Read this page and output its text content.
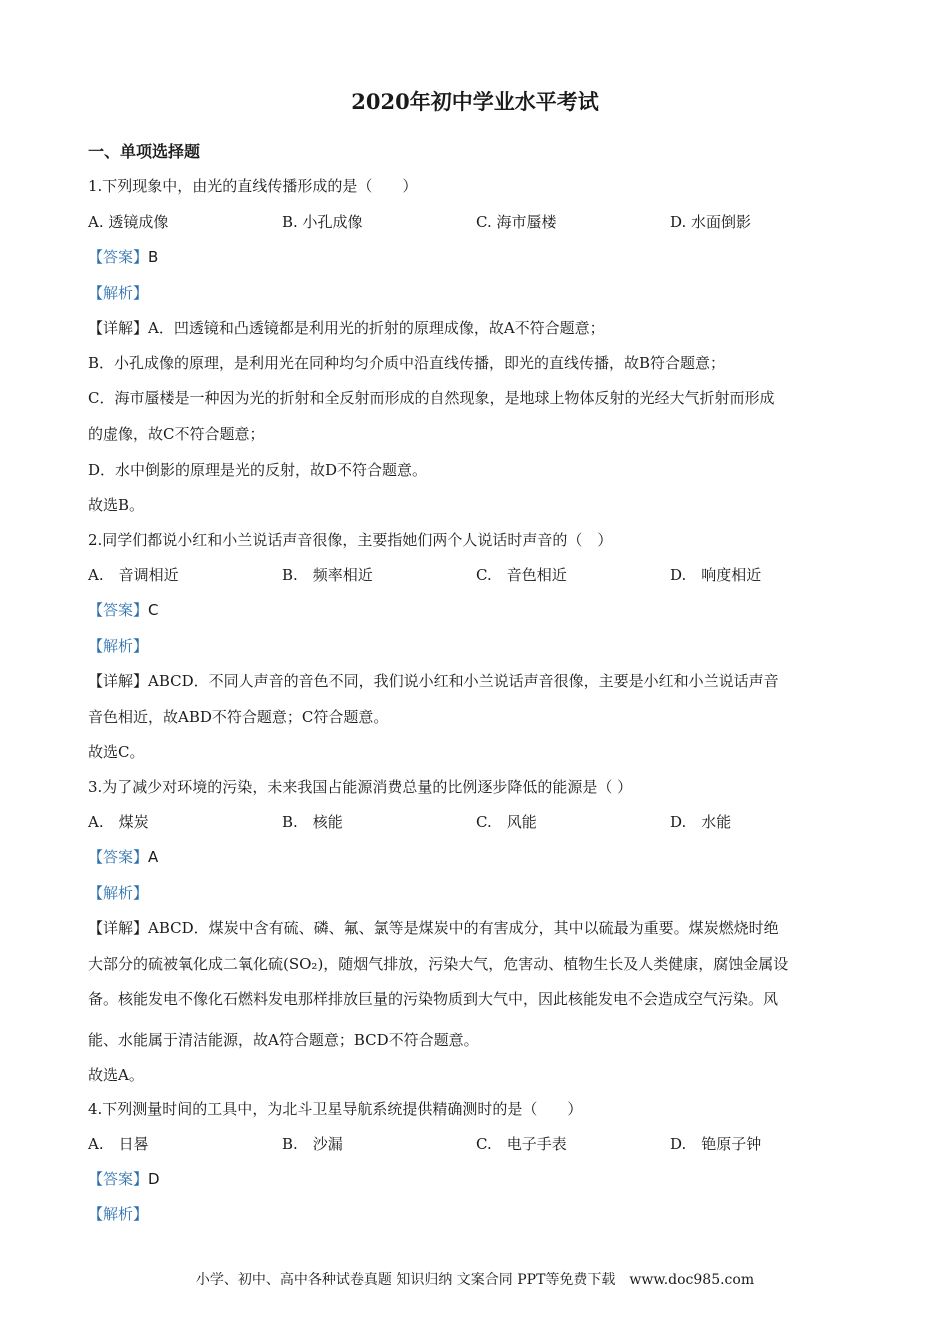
2020年初中学业水平考试
一、单项选择题
1.下列现象中，由光的直线传播形成的是（　　）
A. 透镜成像	B. 小孔成像	C. 海市蜃楼	D. 水面倒影
【答案】B
【解析】
【详解】A．凹透镜和凸透镜都是利用光的折射的原理成像，故A不符合题意；
B．小孔成像的原理，是利用光在同种均匀介质中沿直线传播，即光的直线传播，故B符合题意；
C．海市蜃楼是一种因为光的折射和全反射而形成的自然现象，是地球上物体反射的光经大气折射而形成
的虚像，故C不符合题意；
D．水中倒影的原理是光的反射，故D不符合题意。
故选B。
2.同学们都说小红和小兰说话声音很像，主要指她们两个人说话时声音的（　）
A.　音调相近	B.　频率相近	C.　音色相近	D.　响度相近
【答案】C
【解析】
【详解】ABCD．不同人声音的音色不同，我们说小红和小兰说话声音很像，主要是小红和小兰说话声音
音色相近，故ABD不符合题意；C符合题意。
故选C。
3.为了减少对环境的污染，未来我国占能源消费总量的比例逐步降低的能源是（ ）
A.　煤炭	B.　核能	C.　风能	D.　水能
【答案】A
【解析】
【详解】ABCD．煤炭中含有硫、磷、氟、氯等是煤炭中的有害成分，其中以硫最为重要。煤炭燃烧时绝
大部分的硫被氧化成二氧化硫(SO₂)，随烟气排放，污染大气，危害动、植物生长及人类健康，腐蚀金属设
备。核能发电不像化石燃料发电那样排放巨量的污染物质到大气中，因此核能发电不会造成空气污染。风
能、水能属于清洁能源，故A符合题意；BCD不符合题意。
故选A。
4.下列测量时间的工具中，为北斗卫星导航系统提供精确测时的是（　　）
A.　日晷	B.　沙漏	C.　电子手表	D.　铯原子钟
【答案】D
【解析】
小学、初中、高中各种试卷真题 知识归纳 文案合同 PPT等免费下载　www.doc985.com
